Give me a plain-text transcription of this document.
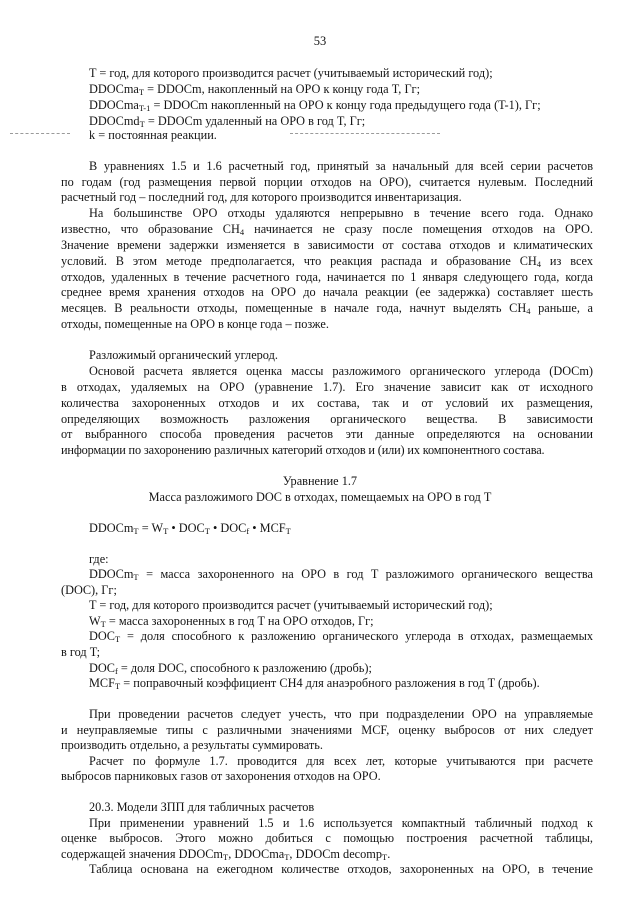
53
T = год, для которого производится расчет (учитываемый исторический год);
DDOCma$_T$ = DDOCm, накопленный на ОРО к концу года T, Гг;
DDOCma$_{T-1}$ = DDOCm накопленный на ОРО к концу года предыдущего года (T-1), Гг;
DDOCmd$_T$ = DDOCm удаленный на ОРО в год T, Гг;
k = постоянная реакции.
В уравнениях 1.5 и 1.6 расчетный год, принятый за начальный для всей серии расчетов
по годам (год размещения первой порции отходов на ОРО), считается нулевым. Последний
расчетный год – последний год, для которого производится инвентаризация.
На большинстве ОРО отходы удаляются непрерывно в течение всего года. Однако
известно, что образование $CH_4$ начинается не сразу после помещения отходов на ОРО.
Значение времени задержки изменяется в зависимости от состава отходов и климатических
условий. В этом методе предполагается, что реакция распада и образование $CH_4$ из всех
отходов, удаленных в течение расчетного года, начинается по 1 января следующего года, когда
среднее время хранения отходов на ОРО до начала реакции (ее задержка) составляет шесть
месяцев. В реальности отходы, помещенные в начале года, начнут выделять $CH_4$ раньше, а
отходы, помещенные на ОРО в конце года – позже.
Разложимый органический углерод.
Основой расчета является оценка массы разложимого органического углерода (DOCm)
в отходах, удаляемых на ОРО (уравнение 1.7). Его значение зависит как от исходного
количества захороненных отходов и их состава, так и от условий их размещения,
определяющих возможность разложения органического вещества. В зависимости
от выбранного способа проведения расчетов эти данные определяются на основании
информации по захоронению различных категорий отходов и (или) их компонентного состава.
Уравнение 1.7
Масса разложимого DOC в отходах, помещаемых на ОРО в год T
DDOCm$_T$ = $W_T$ • $DOC_T$ • $DOC_f$ • $MCF_T$
где:
DDOCm$_T$ = масса захороненного на ОРО в год T разложимого органического вещества
(DOC), Гг;
T = год, для которого производится расчет (учитываемый исторический год);
$W_T$ = масса захороненных в год T на ОРО отходов, Гг;
$DOC_T$ = доля способного к разложению органического углерода в отходах, размещаемых
в год T;
$DOC_f$ = доля DOC, способного к разложению (дробь);
$MCF_T$ = поправочный коэффициент CH4 для анаэробного разложения в год T (дробь).
При проведении расчетов следует учесть, что при подразделении ОРО на управляемые
и неуправляемые типы с различными значениями MCF, оценку выбросов от них следует
производить отдельно, а результаты суммировать.
Расчет по формуле 1.7. проводится для всех лет, которые учитываются при расчете
выбросов парниковых газов от захоронения отходов на ОРО.
20.3. Модели ЗПП для табличных расчетов
При применении уравнений 1.5 и 1.6 используется компактный табличный подход к
оценке выбросов. Этого можно добиться с помощью построения расчетной таблицы,
содержащей значения DDOCm$_T$, DDOCma$_T$, DDOCm decomp$_T$.
Таблица основана на ежегодном количестве отходов, захороненных на ОРО, в течение
